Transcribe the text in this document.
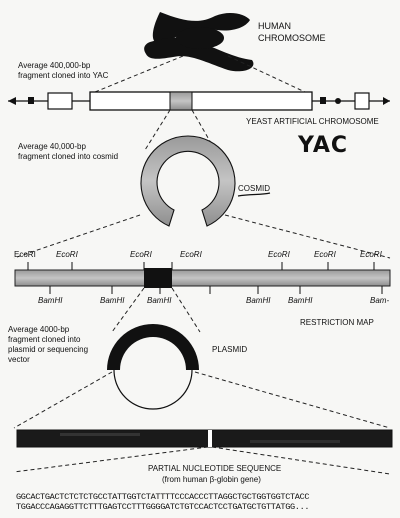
HUMAN
CHROMOSOME
Average 400,000-bp
fragment cloned into YAC
YEAST ARTIFICIAL CHROMOSOME
YAC
Average 40,000-bp
fragment cloned into cosmid
COSMID
EcoRI	EcoRI	EcoRI	EcoRI	EcoRI	EcoRI	EcoRI
BamHI	BamHI	BamHI	BamHI BamHI	Bam-
RESTRICTION MAP
Average 4000-bp
fragment cloned into
plasmid or sequencing
vector
PLASMID
PARTIAL NUCLEOTIDE SEQUENCE
(from human β-globin gene)
GGCACTGACTCTCTCTGCCTATTGGTCTATTTTCCCACCCTTAGGCTGCTGGTGGTCTACC
TGGACCCAGAGGTTCTTTGAGTCCTTTGGGGATCTGTCCACTCCTGATGCTGTTATGG...
